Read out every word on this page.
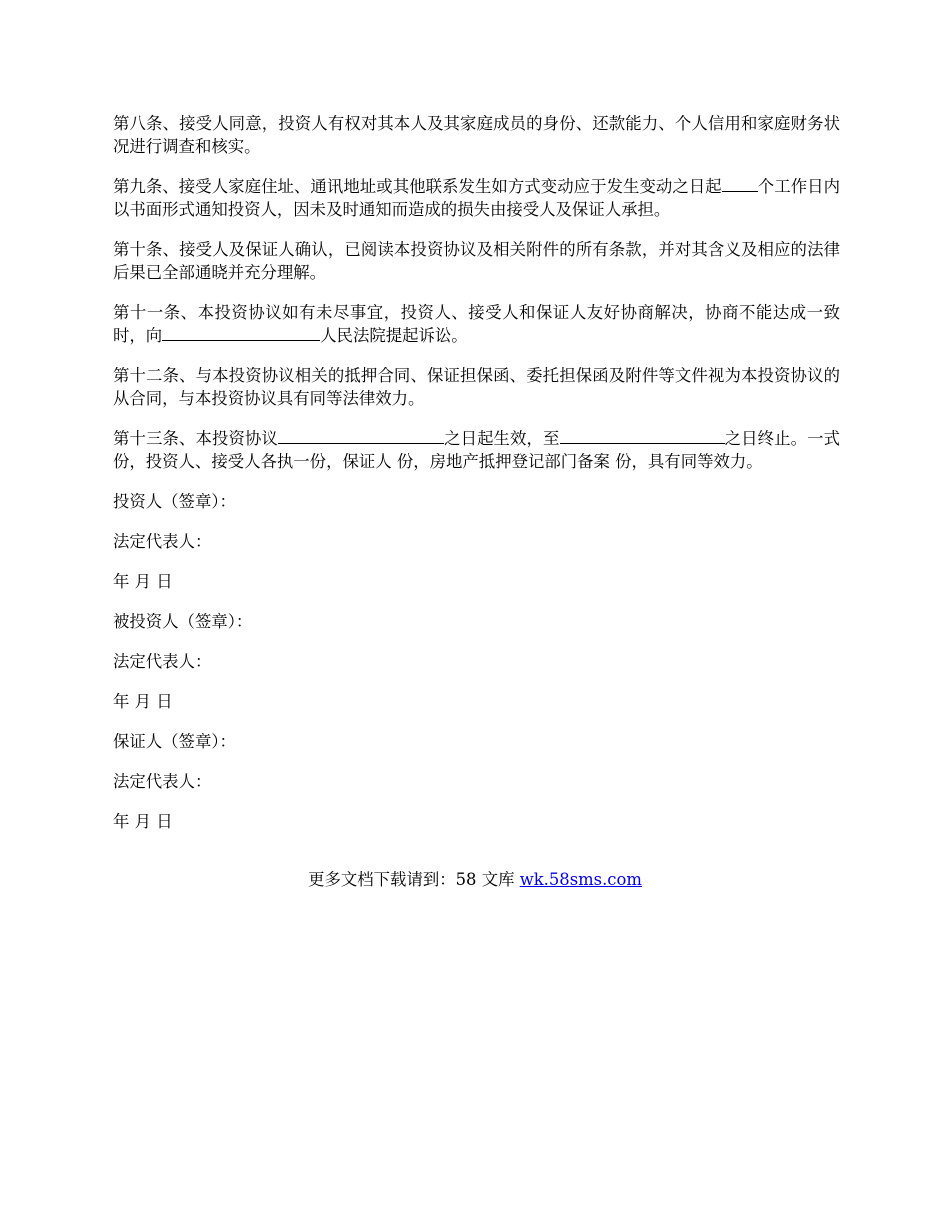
第八条、接受人同意，投资人有权对其本人及其家庭成员的身份、还款能力、个人信用和家庭财务状况进行调查和核实。

第九条、接受人家庭住址、通讯地址或其他联系发生如方式变动应于发生变动之日起 个工作日内以书面形式通知投资人，因未及时通知而造成的损失由接受人及保证人承担。

第十条、接受人及保证人确认，已阅读本投资协议及相关附件的所有条款，并对其含义及相应的法律后果已全部通晓并充分理解。

第十一条、本投资协议如有未尽事宜，投资人、接受人和保证人友好协商解决，协商不能达成一致时，向	人民法院提起诉讼。

第十二条、与本投资协议相关的抵押合同、保证担保函、委托担保函及附件等文件视为本投资协议的从合同，与本投资协议具有同等法律效力。

第十三条、本投资协议	之日起生效，至	之日终止。一式 份，投资人、接受人各执一份，保证人 份，房地产抵押登记部门备案 份，具有同等效力。

投资人（签章）：

法定代表人：

年 月 日

被投资人（签章）：

法定代表人：

年 月 日

保证人（签章）：

法定代表人：

年 月 日

更多文档下载请到：58 文库 wk.58sms.com
